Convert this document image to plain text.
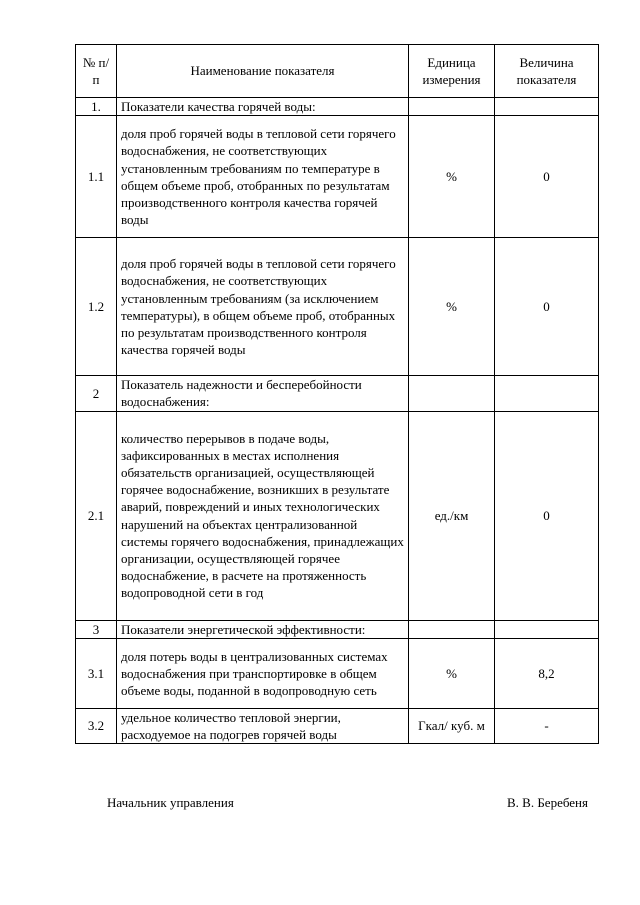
№ п/п	Наименование показателя	Единица измерения	Величина показателя
1.	Показатели качества горячей воды:		
1.1	доля проб горячей воды в тепловой сети горячего водоснабжения, не соответствующих установленным требованиям по температуре в общем объеме проб, отобранных по результатам производственного контроля качества горячей воды	%	0
1.2	доля проб горячей воды в тепловой сети горячего водоснабжения, не соответствующих установленным требованиям (за исключением температуры), в общем объеме проб, отобранных по результатам производственного контроля качества горячей воды	%	0
2	Показатель надежности и бесперебойности водоснабжения:		
2.1	количество перерывов в подаче воды, зафиксированных в местах исполнения обязательств организацией, осуществляющей горячее водоснабжение, возникших в результате аварий, повреждений и иных технологических нарушений на объектах централизованной системы горячего водоснабжения, принадлежащих организации, осуществляющей горячее водоснабжение, в расчете на протяженность водопроводной сети в год	ед./км	0
3	Показатели энергетической эффективности:		
3.1	доля потерь воды в централизованных системах водоснабжения при транспортировке в общем объеме воды, поданной в водопроводную сеть	%	8,2
3.2	удельное количество тепловой энергии, расходуемое на подогрев горячей воды	Гкал/ куб. м	-
Начальник управления	В. В. Беребеня
